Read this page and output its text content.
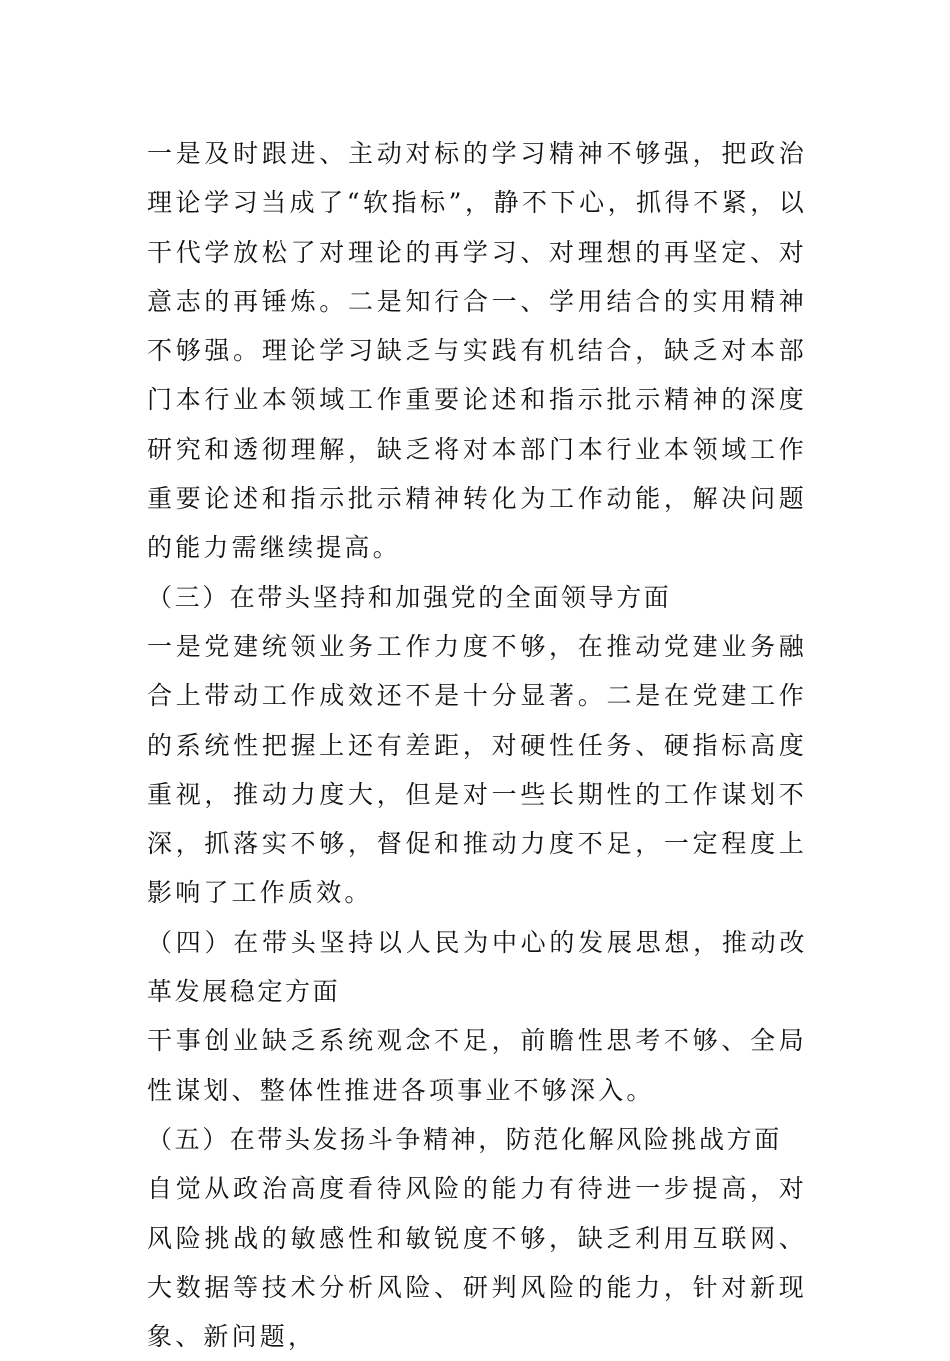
一是及时跟进、主动对标的学习精神不够强，把政治理论学习当成了“软指标”，静不下心，抓得不紧，以干代学放松了对理论的再学习、对理想的再坚定、对意志的再锤炼。二是知行合一、学用结合的实用精神不够强。理论学习缺乏与实践有机结合，缺乏对本部门本行业本领域工作重要论述和指示批示精神的深度研究和透彻理解，缺乏将对本部门本行业本领域工作重要论述和指示批示精神转化为工作动能，解决问题的能力需继续提高。

（三）在带头坚持和加强党的全面领导方面

一是党建统领业务工作力度不够，在推动党建业务融合上带动工作成效还不是十分显著。二是在党建工作的系统性把握上还有差距，对硬性任务、硬指标高度重视，推动力度大，但是对一些长期性的工作谋划不深，抓落实不够，督促和推动力度不足，一定程度上影响了工作质效。

（四）在带头坚持以人民为中心的发展思想，推动改革发展稳定方面

干事创业缺乏系统观念不足，前瞻性思考不够、全局性谋划、整体性推进各项事业不够深入。

（五）在带头发扬斗争精神，防范化解风险挑战方面

自觉从政治高度看待风险的能力有待进一步提高，对风险挑战的敏感性和敏锐度不够，缺乏利用互联网、大数据等技术分析风险、研判风险的能力，针对新现象、新问题，
